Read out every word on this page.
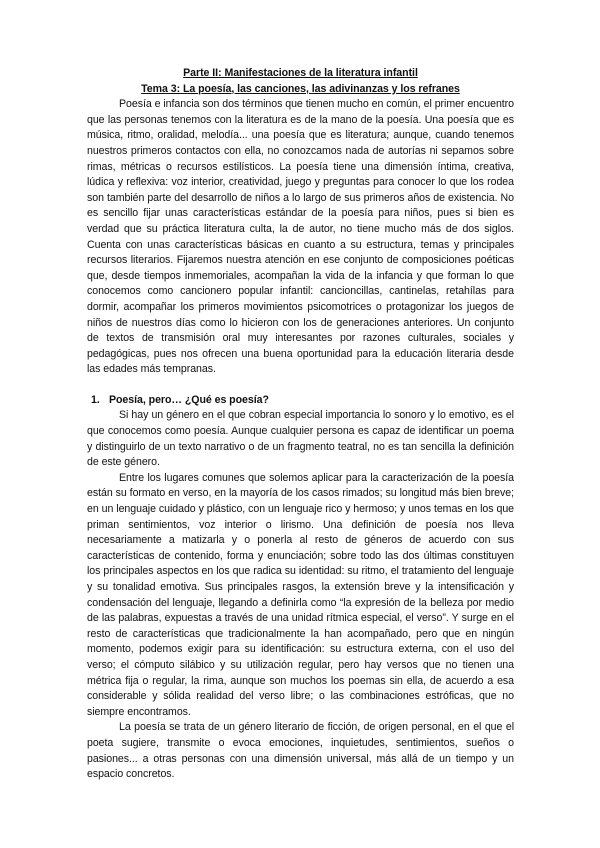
Parte II: Manifestaciones de la literatura infantil

Tema 3: La poesía, las canciones, las adivinanzas y los refranes

Poesía e infancia son dos términos que tienen mucho en común, el primer encuentro que las personas tenemos con la literatura es de la mano de la poesía. Una poesía que es música, ritmo, oralidad, melodía... una poesía que es literatura; aunque, cuando tenemos nuestros primeros contactos con ella, no conozcamos nada de autorías ni sepamos sobre rimas, métricas o recursos estilísticos. La poesía tiene una dimensión íntima, creativa, lúdica y reflexiva: voz interior, creatividad, juego y preguntas para conocer lo que los rodea son también parte del desarrollo de niños a lo largo de sus primeros años de existencia. No es sencillo fijar unas características estándar de la poesía para niños, pues si bien es verdad que su práctica literatura culta, la de autor, no tiene mucho más de dos siglos. Cuenta con unas características básicas en cuanto a su estructura, temas y principales recursos literarios. Fijaremos nuestra atención en ese conjunto de composiciones poéticas que, desde tiempos inmemoriales, acompañan la vida de la infancia y que forman lo que conocemos como cancionero popular infantil: cancioncillas, cantinelas, retahílas para dormir, acompañar los primeros movimientos psicomotrices o protagonizar los juegos de niños de nuestros días como lo hicieron con los de generaciones anteriores. Un conjunto de textos de transmisión oral muy interesantes por razones culturales, sociales y pedagógicas, pues nos ofrecen una buena oportunidad para la educación literaria desde las edades más tempranas.

1. Poesía, pero… ¿Qué es poesía?

Si hay un género en el que cobran especial importancia lo sonoro y lo emotivo, es el que conocemos como poesía. Aunque cualquier persona es capaz de identificar un poema y distinguirlo de un texto narrativo o de un fragmento teatral, no es tan sencilla la definición de este género.

Entre los lugares comunes que solemos aplicar para la caracterización de la poesía están su formato en verso, en la mayoría de los casos rimados; su longitud más bien breve; en un lenguaje cuidado y plástico, con un lenguaje rico y hermoso; y unos temas en los que priman sentimientos, voz interior o lirismo. Una definición de poesía nos lleva necesariamente a matizarla y o ponerla al resto de géneros de acuerdo con sus características de contenido, forma y enunciación; sobre todo las dos últimas constituyen los principales aspectos en los que radica su identidad: su ritmo, el tratamiento del lenguaje y su tonalidad emotiva. Sus principales rasgos, la extensión breve y la intensificación y condensación del lenguaje, llegando a definirla como “la expresión de la belleza por medio de las palabras, expuestas a través de una unidad rítmica especial, el verso”. Y surge en el resto de características que tradicionalmente la han acompañado, pero que en ningún momento, podemos exigir para su identificación: su estructura externa, con el uso del verso; el cómputo silábico y su utilización regular, pero hay versos que no tienen una métrica fija o regular, la rima, aunque son muchos los poemas sin ella, de acuerdo a esa considerable y sólida realidad del verso libre; o las combinaciones estróficas, que no siempre encontramos.

La poesía se trata de un género literario de ficción, de origen personal, en el que el poeta sugiere, transmite o evoca emociones, inquietudes, sentimientos, sueños o pasiones... a otras personas con una dimensión universal, más allá de un tiempo y un espacio concretos.
